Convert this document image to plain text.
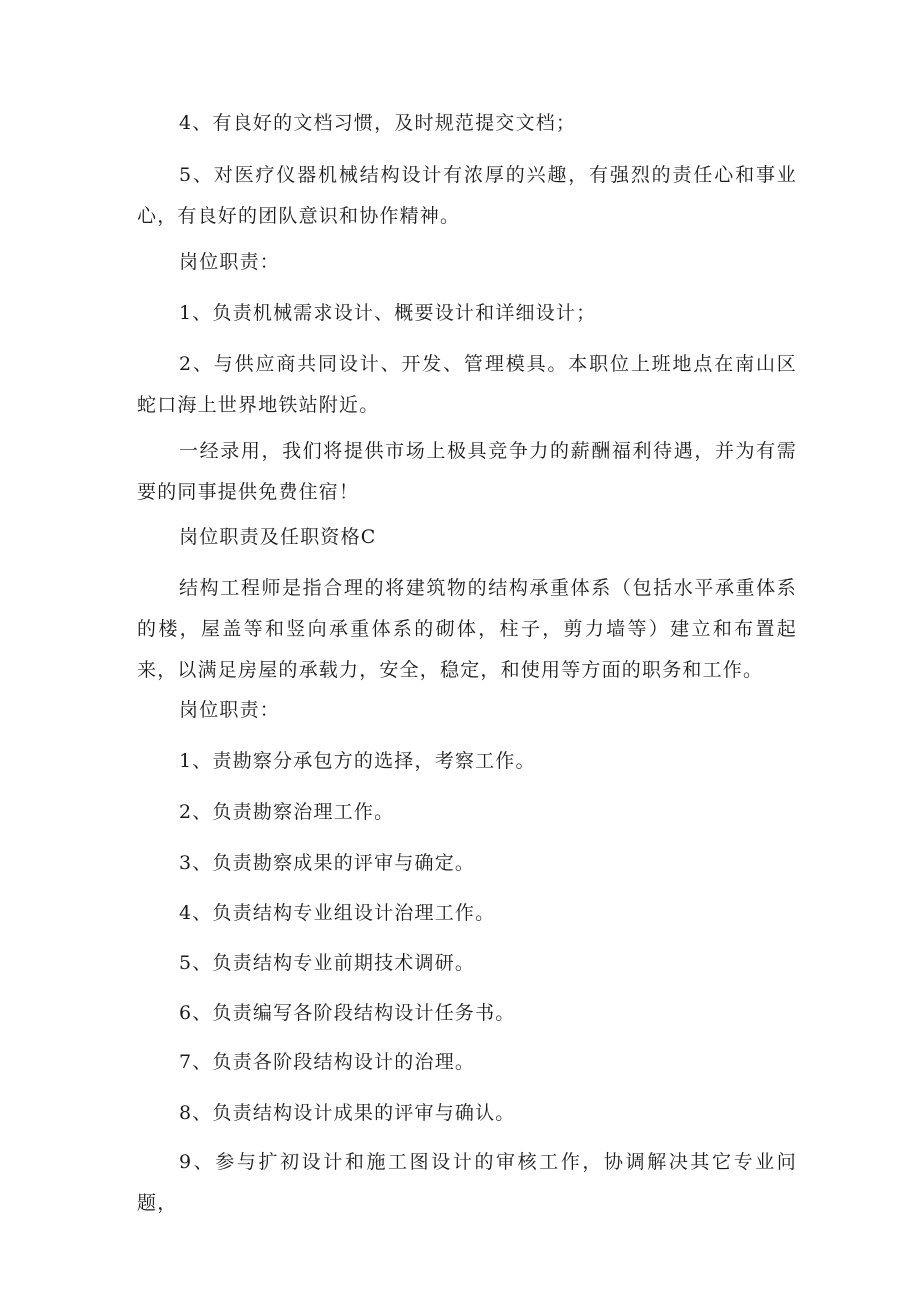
4、有良好的文档习惯，及时规范提交文档；

5、对医疗仪器机械结构设计有浓厚的兴趣，有强烈的责任心和事业心，有良好的团队意识和协作精神。

岗位职责：

1、负责机械需求设计、概要设计和详细设计；

2、与供应商共同设计、开发、管理模具。本职位上班地点在南山区蛇口海上世界地铁站附近。

一经录用，我们将提供市场上极具竞争力的薪酬福利待遇，并为有需要的同事提供免费住宿！

岗位职责及任职资格C

结构工程师是指合理的将建筑物的结构承重体系（包括水平承重体系的楼，屋盖等和竖向承重体系的砌体，柱子，剪力墙等）建立和布置起来，以满足房屋的承载力，安全，稳定，和使用等方面的职务和工作。

岗位职责：

1、责勘察分承包方的选择，考察工作。

2、负责勘察治理工作。

3、负责勘察成果的评审与确定。

4、负责结构专业组设计治理工作。

5、负责结构专业前期技术调研。

6、负责编写各阶段结构设计任务书。

7、负责各阶段结构设计的治理。

8、负责结构设计成果的评审与确认。

9、参与扩初设计和施工图设计的审核工作，协调解决其它专业问题，
